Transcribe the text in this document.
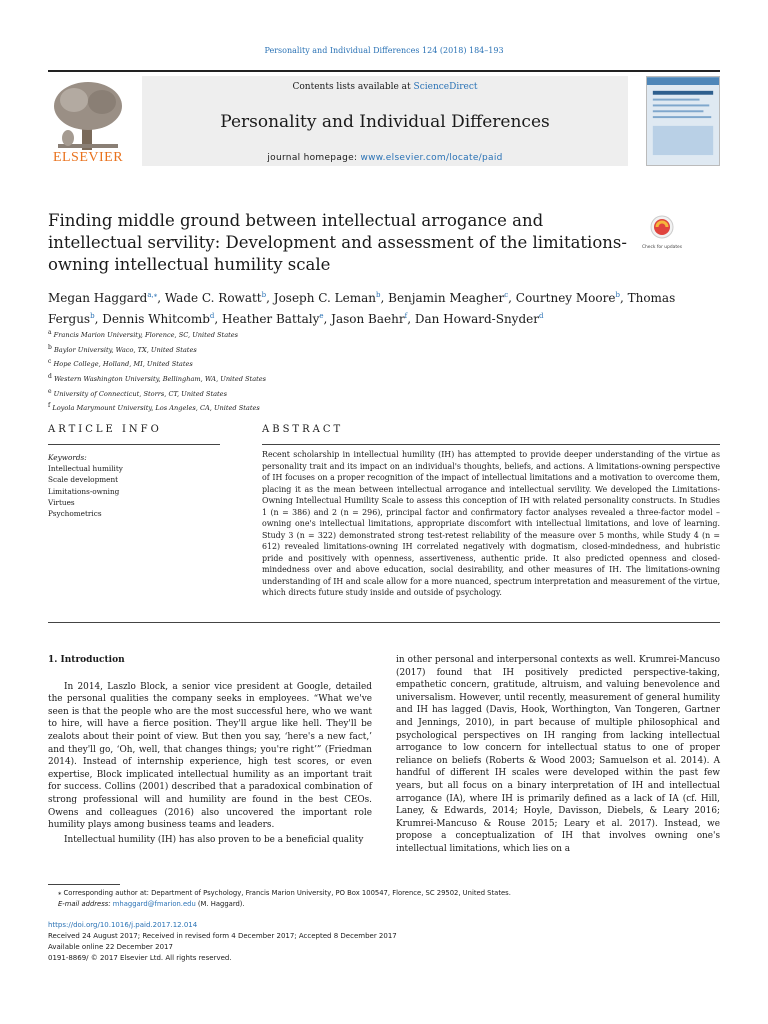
Personality and Individual Differences 124 (2018) 184–193
ELSEVIER
Contents lists available at ScienceDirect
Personality and Individual Differences
journal homepage: www.elsevier.com/locate/paid
Finding middle ground between intellectual arrogance and intellectual servility: Development and assessment of the limitations-owning intellectual humility scale
Check for updates
Megan Haggard$^{a,⁎}$, Wade C. Rowatt$^b$, Joseph C. Leman$^b$, Benjamin Meagher$^c$, Courtney Moore$^b$, Thomas Fergus$^b$, Dennis Whitcomb$^d$, Heather Battaly$^e$, Jason Baehr$^f$, Dan Howard-Snyder$^d$
$^a$ Francis Marion University, Florence, SC, United States
$^b$ Baylor University, Waco, TX, United States
$^c$ Hope College, Holland, MI, United States
$^d$ Western Washington University, Bellingham, WA, United States
$^e$ University of Connecticut, Storrs, CT, United States
$^f$ Loyola Marymount University, Los Angeles, CA, United States
ARTICLE INFO	ABSTRACT
Keywords:
Intellectual humility
Scale development
Limitations-owning
Virtues
Psychometrics
Recent scholarship in intellectual humility (IH) has attempted to provide deeper understanding of the virtue as personality trait and its impact on an individual's thoughts, beliefs, and actions. A limitations-owning perspective of IH focuses on a proper recognition of the impact of intellectual limitations and a motivation to overcome them, placing it as the mean between intellectual arrogance and intellectual servility. We developed the Limitations-Owning Intellectual Humility Scale to assess this conception of IH with related personality constructs. In Studies 1 (n = 386) and 2 (n = 296), principal factor and confirmatory factor analyses revealed a three-factor model – owning one's intellectual limitations, appropriate discomfort with intellectual limitations, and love of learning. Study 3 (n = 322) demonstrated strong test-retest reliability of the measure over 5 months, while Study 4 (n = 612) revealed limitations-owning IH correlated negatively with dogmatism, closed-mindedness, and hubristic pride and positively with openness, assertiveness, authentic pride. It also predicted openness and closed-mindedness over and above education, social desirability, and other measures of IH. The limitations-owning understanding of IH and scale allow for a more nuanced, spectrum interpretation and measurement of the virtue, which directs future study inside and outside of psychology.

1. Introduction

In 2014, Laszlo Block, a senior vice president at Google, detailed the personal qualities the company seeks in employees. “What we've seen is that the people who are the most successful here, who we want to hire, will have a fierce position. They'll argue like hell. They'll be zealots about their point of view. But then you say, ‘here's a new fact,’ and they'll go, ‘Oh, well, that changes things; you're right’” (Friedman 2014). Instead of internship experience, high test scores, or even expertise, Block implicated intellectual humility as an important trait for success. Collins (2001) described that a paradoxical combination of strong professional will and humility are found in the best CEOs. Owens and colleagues (2016) also uncovered the important role humility plays among business teams and leaders.

Intellectual humility (IH) has also proven to be a beneficial quality

in other personal and interpersonal contexts as well. Krumrei-Mancuso (2017) found that IH positively predicted perspective-taking, empathetic concern, gratitude, altruism, and valuing benevolence and universalism. However, until recently, measurement of general humility and IH has lagged (Davis, Hook, Worthington, Van Tongeren, Gartner and Jennings, 2010), in part because of multiple philosophical and psychological perspectives on IH ranging from lacking intellectual arrogance to low concern for intellectual status to one of proper reliance on beliefs (Roberts & Wood 2003; Samuelson et al. 2014). A handful of different IH scales were developed within the past few years, but all focus on a binary interpretation of IH and intellectual arrogance (IA), where IH is primarily defined as a lack of IA (cf. Hill, Laney, & Edwards, 2014; Hoyle, Davisson, Diebels, & Leary 2016; Krumrei-Mancuso & Rouse 2015; Leary et al. 2017). Instead, we propose a conceptualization of IH that involves owning one's intellectual limitations, which lies on a

⁎ Corresponding author at: Department of Psychology, Francis Marion University, PO Box 100547, Florence, SC 29502, United States.
E-mail address: mhaggard@fmarion.edu (M. Haggard).
https://doi.org/10.1016/j.paid.2017.12.014
Received 24 August 2017; Received in revised form 4 December 2017; Accepted 8 December 2017
Available online 22 December 2017
0191-8869/ © 2017 Elsevier Ltd. All rights reserved.
